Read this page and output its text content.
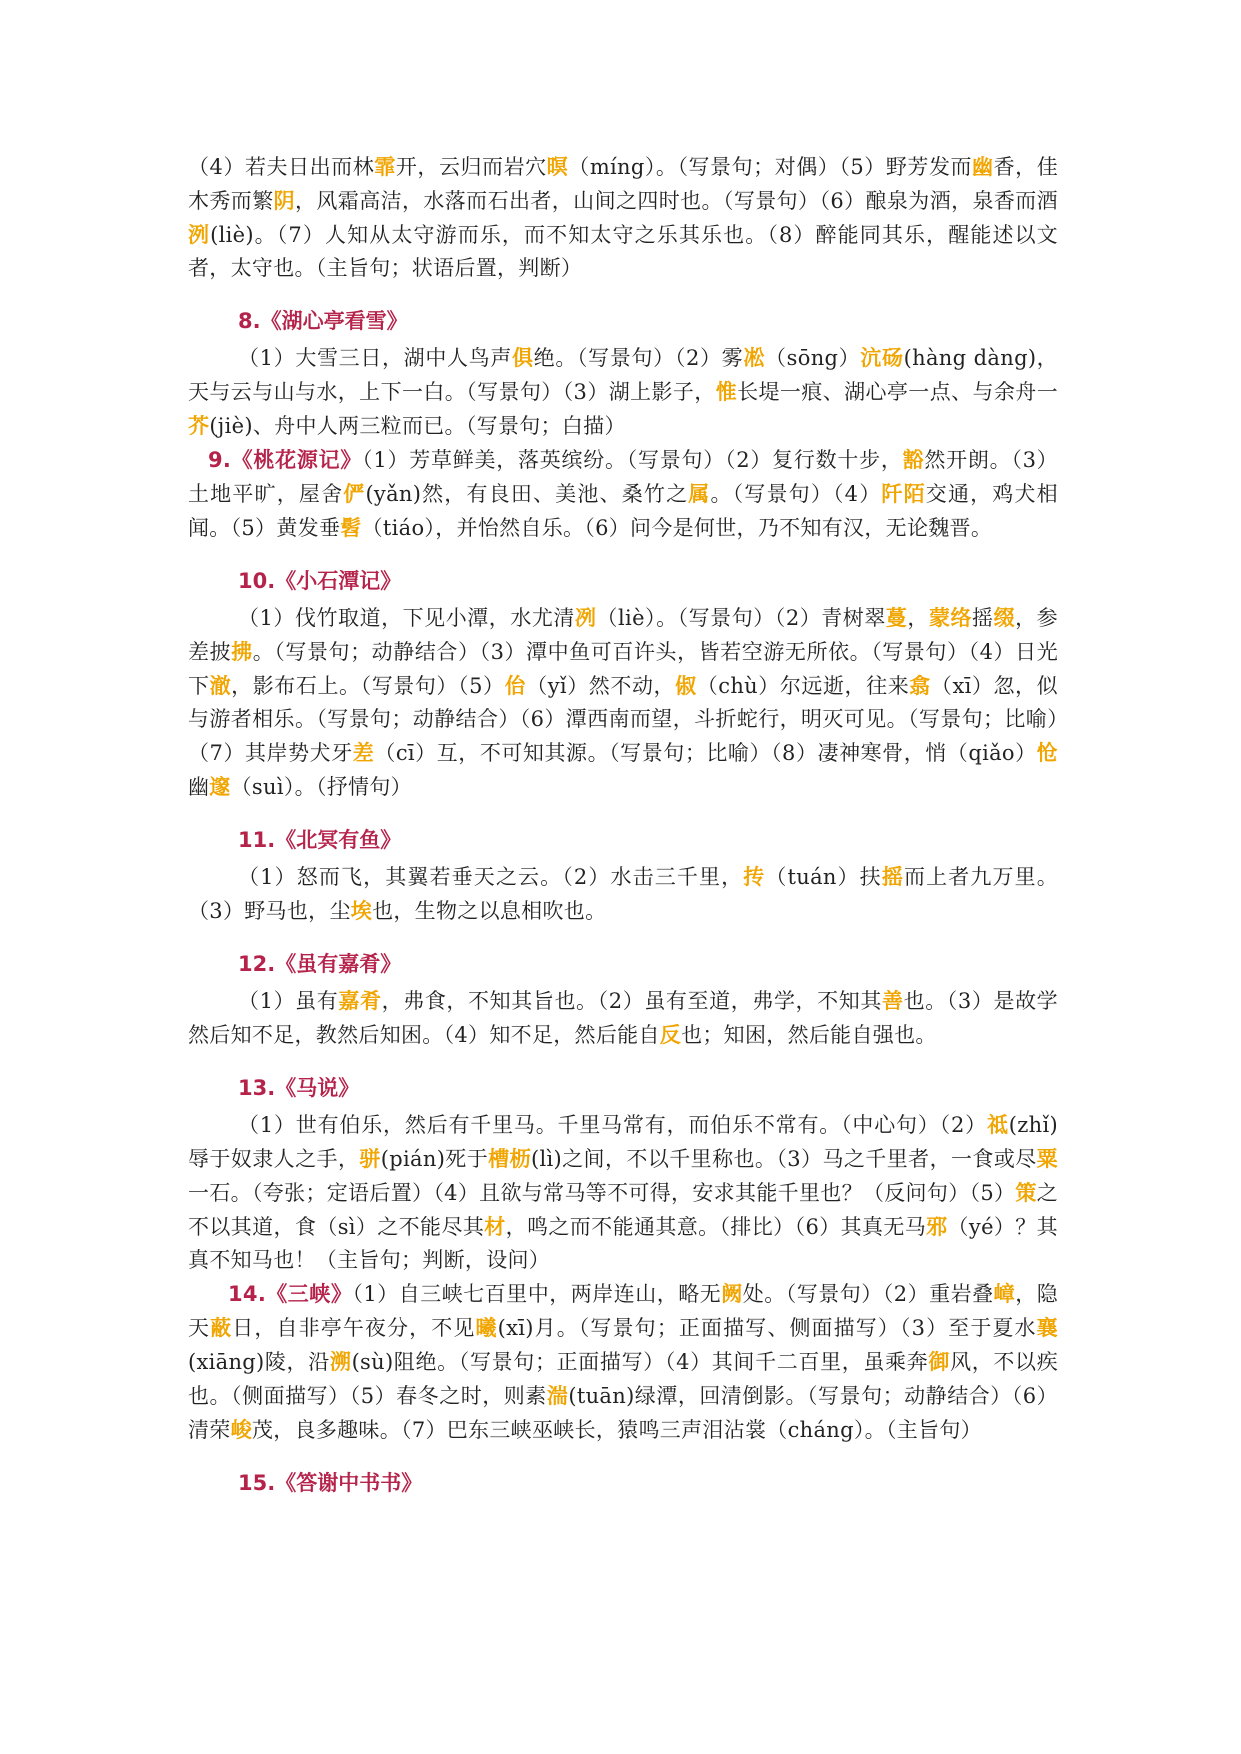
（4）若夫日出而林霏开，云归而岩穴暝（míng）。（写景句；对偶）（5）野芳发而幽香，佳木秀而繁阴，风霜高洁，水落而石出者，山间之四时也。（写景句）（6）酿泉为酒，泉香而酒洌(liè)。（7）人知从太守游而乐，而不知太守之乐其乐也。（8）醉能同其乐，醒能述以文者，太守也。（主旨句；状语后置，判断）

8.《湖心亭看雪》

（1）大雪三日，湖中人鸟声俱绝。（写景句）（2）雾凇（sōng）沆砀(hàng dàng)，天与云与山与水，上下一白。（写景句）（3）湖上影子，惟长堤一痕、湖心亭一点、与余舟一芥(jiè)、舟中人两三粒而已。（写景句；白描）

9.《桃花源记》（1）芳草鲜美，落英缤纷。（写景句）（2）复行数十步，豁然开朗。（3）土地平旷，屋舍俨(yǎn)然，有良田、美池、桑竹之属。（写景句）（4）阡陌交通，鸡犬相闻。（5）黄发垂髫（tiáo），并怡然自乐。（6）问今是何世，乃不知有汉，无论魏晋。

10.《小石潭记》

（1）伐竹取道，下见小潭，水尤清冽（liè）。（写景句）（2）青树翠蔓，蒙络摇缀，参差披拂。（写景句；动静结合）（3）潭中鱼可百许头，皆若空游无所依。（写景句）（4）日光下澈，影布石上。（写景句）（5）佁（yǐ）然不动，俶（chù）尔远逝，往来翕（xī）忽，似与游者相乐。（写景句；动静结合）（6）潭西南而望，斗折蛇行，明灭可见。（写景句；比喻）（7）其岸势犬牙差（cī）互，不可知其源。（写景句；比喻）（8）凄神寒骨，悄（qiǎo）怆幽邃（suì）。（抒情句）

11.《北冥有鱼》

（1）怒而飞，其翼若垂天之云。（2）水击三千里，抟（tuán）扶摇而上者九万里。（3）野马也，尘埃也，生物之以息相吹也。

12.《虽有嘉肴》

（1）虽有嘉肴，弗食，不知其旨也。（2）虽有至道，弗学，不知其善也。（3）是故学然后知不足，教然后知困。（4）知不足，然后能自反也；知困，然后能自强也。

13.《马说》

（1）世有伯乐，然后有千里马。千里马常有，而伯乐不常有。（中心句）（2）祗(zhǐ)辱于奴隶人之手，骈(pián)死于槽枥(lì)之间，不以千里称也。（3）马之千里者，一食或尽粟一石。（夸张；定语后置）（4）且欲与常马等不可得，安求其能千里也？（反问句）（5）策之不以其道，食（sì）之不能尽其材，鸣之而不能通其意。（排比）（6）其真无马邪（yé）？其真不知马也！（主旨句；判断，设问）

14.《三峡》（1）自三峡七百里中，两岸连山，略无阙处。（写景句）（2）重岩叠嶂，隐天蔽日，自非亭午夜分，不见曦(xī)月。（写景句；正面描写、侧面描写）（3）至于夏水襄(xiāng)陵，沿溯(sù)阻绝。（写景句；正面描写）（4）其间千二百里，虽乘奔御风，不以疾也。（侧面描写）（5）春冬之时，则素湍(tuān)绿潭，回清倒影。（写景句；动静结合）（6）清荣峻茂，良多趣味。（7）巴东三峡巫峡长，猿鸣三声泪沾裳（cháng）。（主旨句）

15.《答谢中书书》
